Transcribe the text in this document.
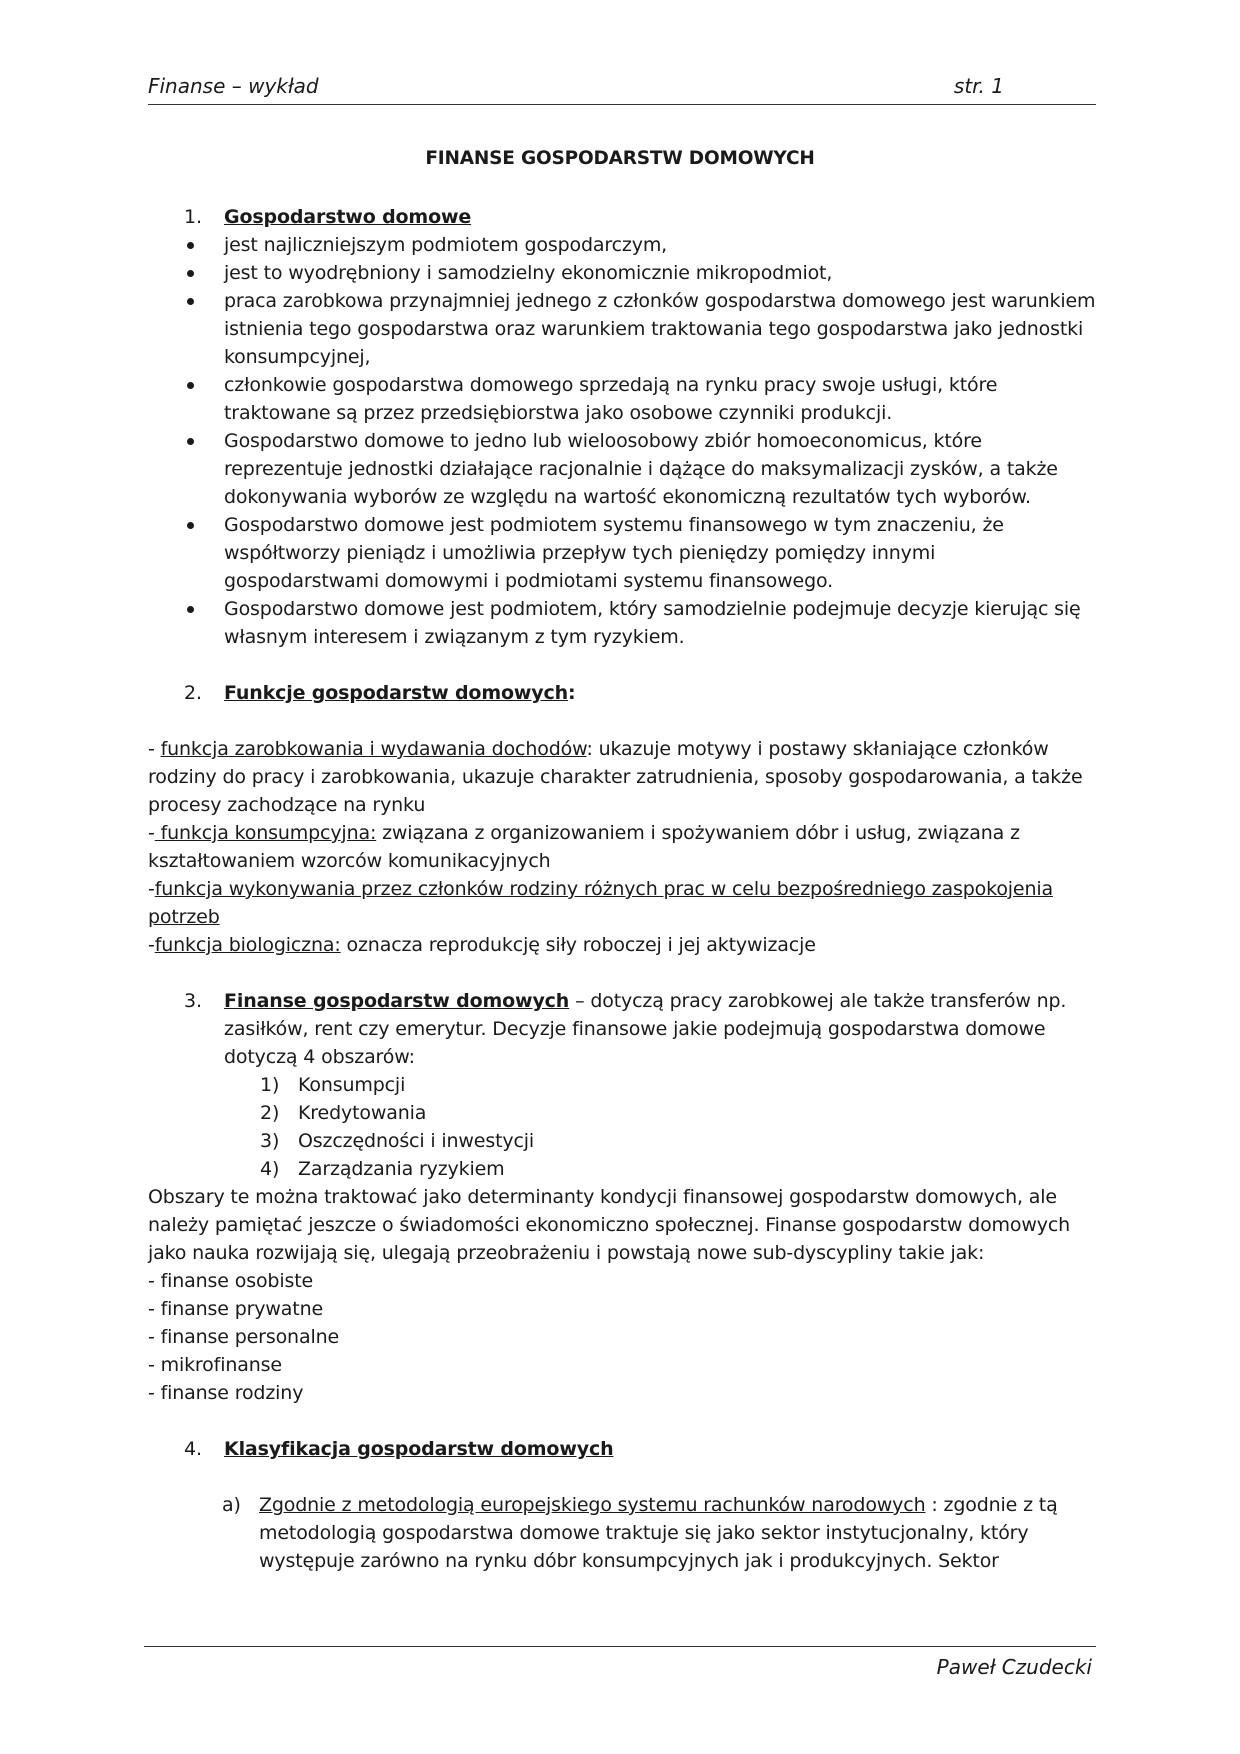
Finanse – wykład	str. 1
FINANSE GOSPODARSTW DOMOWYCH

1. Gospodarstwo domowe

jest najliczniejszym podmiotem gospodarczym,
jest to wyodrębniony i samodzielny ekonomicznie mikropodmiot,
praca zarobkowa przynajmniej jednego z członków gospodarstwa domowego jest warunkiem istnienia tego gospodarstwa oraz warunkiem traktowania tego gospodarstwa jako jednostki konsumpcyjnej,
członkowie gospodarstwa domowego sprzedają na rynku pracy swoje usługi, które traktowane są przez przedsiębiorstwa jako osobowe czynniki produkcji.
Gospodarstwo domowe to jedno lub wieloosobowy zbiór homoeconomicus, które reprezentuje jednostki działające racjonalnie i dążące do maksymalizacji zysków, a także dokonywania wyborów ze względu na wartość ekonomiczną rezultatów tych wyborów.
Gospodarstwo domowe jest podmiotem systemu finansowego w tym znaczeniu, że współtworzy pieniądz i umożliwia przepływ tych pieniędzy pomiędzy innymi gospodarstwami domowymi i podmiotami systemu finansowego.
Gospodarstwo domowe jest podmiotem, który samodzielnie podejmuje decyzje kierując się własnym interesem i związanym z tym ryzykiem.

2. Funkcje gospodarstw domowych:

- funkcja zarobkowania i wydawania dochodów: ukazuje motywy i postawy skłaniające członków rodziny do pracy i zarobkowania, ukazuje charakter zatrudnienia, sposoby gospodarowania, a także procesy zachodzące na rynku

- funkcja konsumpcyjna: związana z organizowaniem i spożywaniem dóbr i usług, związana z kształtowaniem wzorców komunikacyjnych

-funkcja wykonywania przez członków rodziny różnych prac w celu bezpośredniego zaspokojenia potrzeb

-funkcja biologiczna: oznacza reprodukcję siły roboczej i jej aktywizacje

3. Finanse gospodarstw domowych – dotyczą pracy zarobkowej ale także transferów np. zasiłków, rent czy emerytur. Decyzje finansowe jakie podejmują gospodarstwa domowe dotyczą 4 obszarów:

1) Konsumpcji
2) Kredytowania
3) Oszczędności i inwestycji
4) Zarządzania ryzykiem

Obszary te można traktować jako determinanty kondycji finansowej gospodarstw domowych, ale należy pamiętać jeszcze o świadomości ekonomiczno społecznej. Finanse gospodarstw domowych jako nauka rozwijają się, ulegają przeobrażeniu i powstają nowe sub-dyscypliny takie jak:

- finanse osobiste

- finanse prywatne

- finanse personalne

- mikrofinanse

- finanse rodziny

4. Klasyfikacja gospodarstw domowych

a) Zgodnie z metodologią europejskiego systemu rachunków narodowych : zgodnie z tą metodologią gospodarstwa domowe traktuje się jako sektor instytucjonalny, który występuje zarówno na rynku dóbr konsumpcyjnych jak i produkcyjnych. Sektor

Paweł Czudecki
